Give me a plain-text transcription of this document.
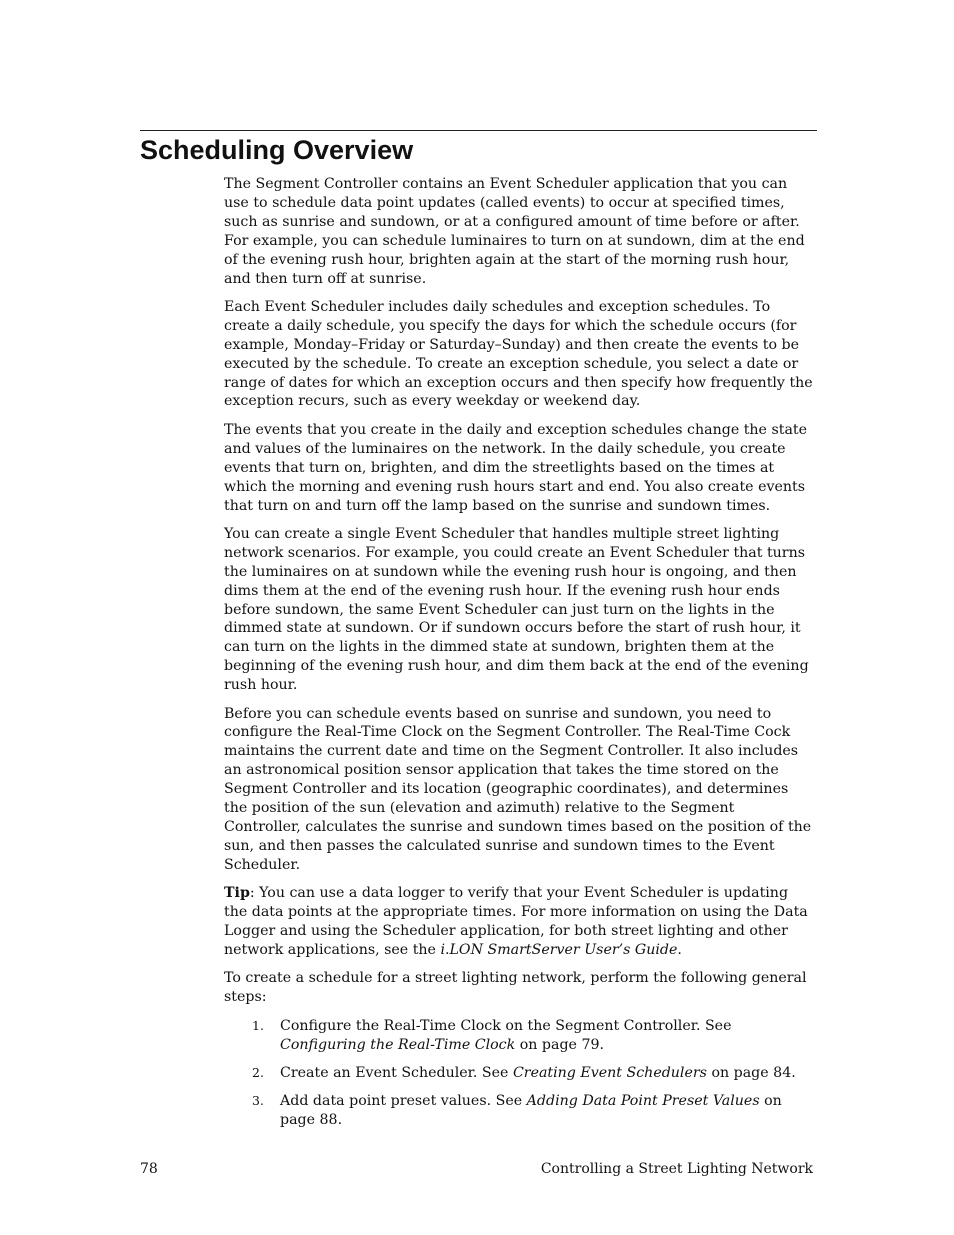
Scheduling Overview

The Segment Controller contains an Event Scheduler application that you can use to schedule data point updates (called events) to occur at specified times, such as sunrise and sundown, or at a configured amount of time before or after. For example, you can schedule luminaires to turn on at sundown, dim at the end of the evening rush hour, brighten again at the start of the morning rush hour, and then turn off at sunrise.

Each Event Scheduler includes daily schedules and exception schedules. To create a daily schedule, you specify the days for which the schedule occurs (for example, Monday–Friday or Saturday–Sunday) and then create the events to be executed by the schedule. To create an exception schedule, you select a date or range of dates for which an exception occurs and then specify how frequently the exception recurs, such as every weekday or weekend day.

The events that you create in the daily and exception schedules change the state and values of the luminaires on the network. In the daily schedule, you create events that turn on, brighten, and dim the streetlights based on the times at which the morning and evening rush hours start and end. You also create events that turn on and turn off the lamp based on the sunrise and sundown times.

You can create a single Event Scheduler that handles multiple street lighting network scenarios. For example, you could create an Event Scheduler that turns the luminaires on at sundown while the evening rush hour is ongoing, and then dims them at the end of the evening rush hour. If the evening rush hour ends before sundown, the same Event Scheduler can just turn on the lights in the dimmed state at sundown. Or if sundown occurs before the start of rush hour, it can turn on the lights in the dimmed state at sundown, brighten them at the beginning of the evening rush hour, and dim them back at the end of the evening rush hour.

Before you can schedule events based on sunrise and sundown, you need to configure the Real-Time Clock on the Segment Controller. The Real-Time Cock maintains the current date and time on the Segment Controller. It also includes an astronomical position sensor application that takes the time stored on the Segment Controller and its location (geographic coordinates), and determines the position of the sun (elevation and azimuth) relative to the Segment Controller, calculates the sunrise and sundown times based on the position of the sun, and then passes the calculated sunrise and sundown times to the Event Scheduler.

Tip: You can use a data logger to verify that your Event Scheduler is updating the data points at the appropriate times. For more information on using the Data Logger and using the Scheduler application, for both street lighting and other network applications, see the i.LON SmartServer User’s Guide.

To create a schedule for a street lighting network, perform the following general steps:

1. Configure the Real-Time Clock on the Segment Controller. See Configuring the Real-Time Clock on page 79.
2. Create an Event Scheduler. See Creating Event Schedulers on page 84.
3. Add data point preset values. See Adding Data Point Preset Values on page 88.
78	Controlling a Street Lighting Network
